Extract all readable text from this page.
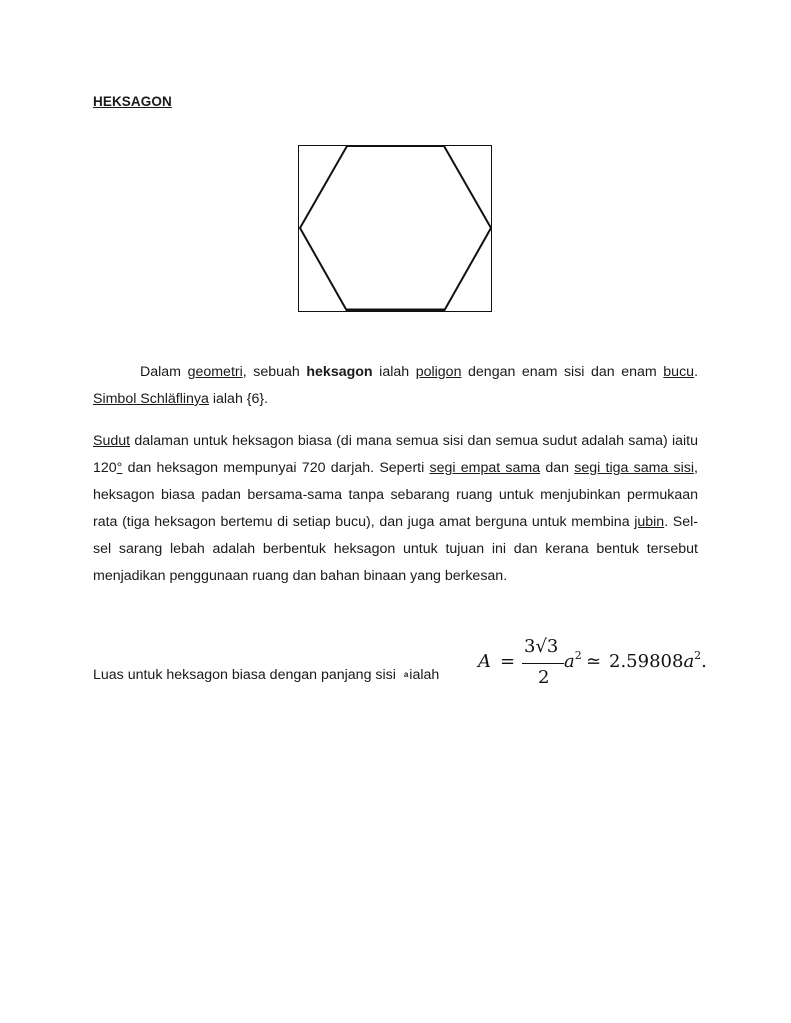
HEKSAGON
Dalam geometri, sebuah heksagon ialah poligon dengan enam sisi dan enam bucu. Simbol Schläflinya ialah {6}.
Sudut dalaman untuk heksagon biasa (di mana semua sisi dan semua sudut adalah sama) iaitu 120° dan heksagon mempunyai 720 darjah. Seperti segi empat sama dan segi tiga sama sisi, heksagon biasa padan bersama-sama tanpa sebarang ruang untuk menjubinkan permukaan rata (tiga heksagon bertemu di setiap bucu), dan juga amat berguna untuk membina jubin. Sel-sel sarang lebah adalah berbentuk heksagon untuk tujuan ini dan kerana bentuk tersebut menjadikan penggunaan ruang dan bahan binaan yang berkesan.
Luas untuk heksagon biasa dengan panjang sisi aialah
A =
3√3
2
$a^2$ ≃ $2.59808a^2$.
